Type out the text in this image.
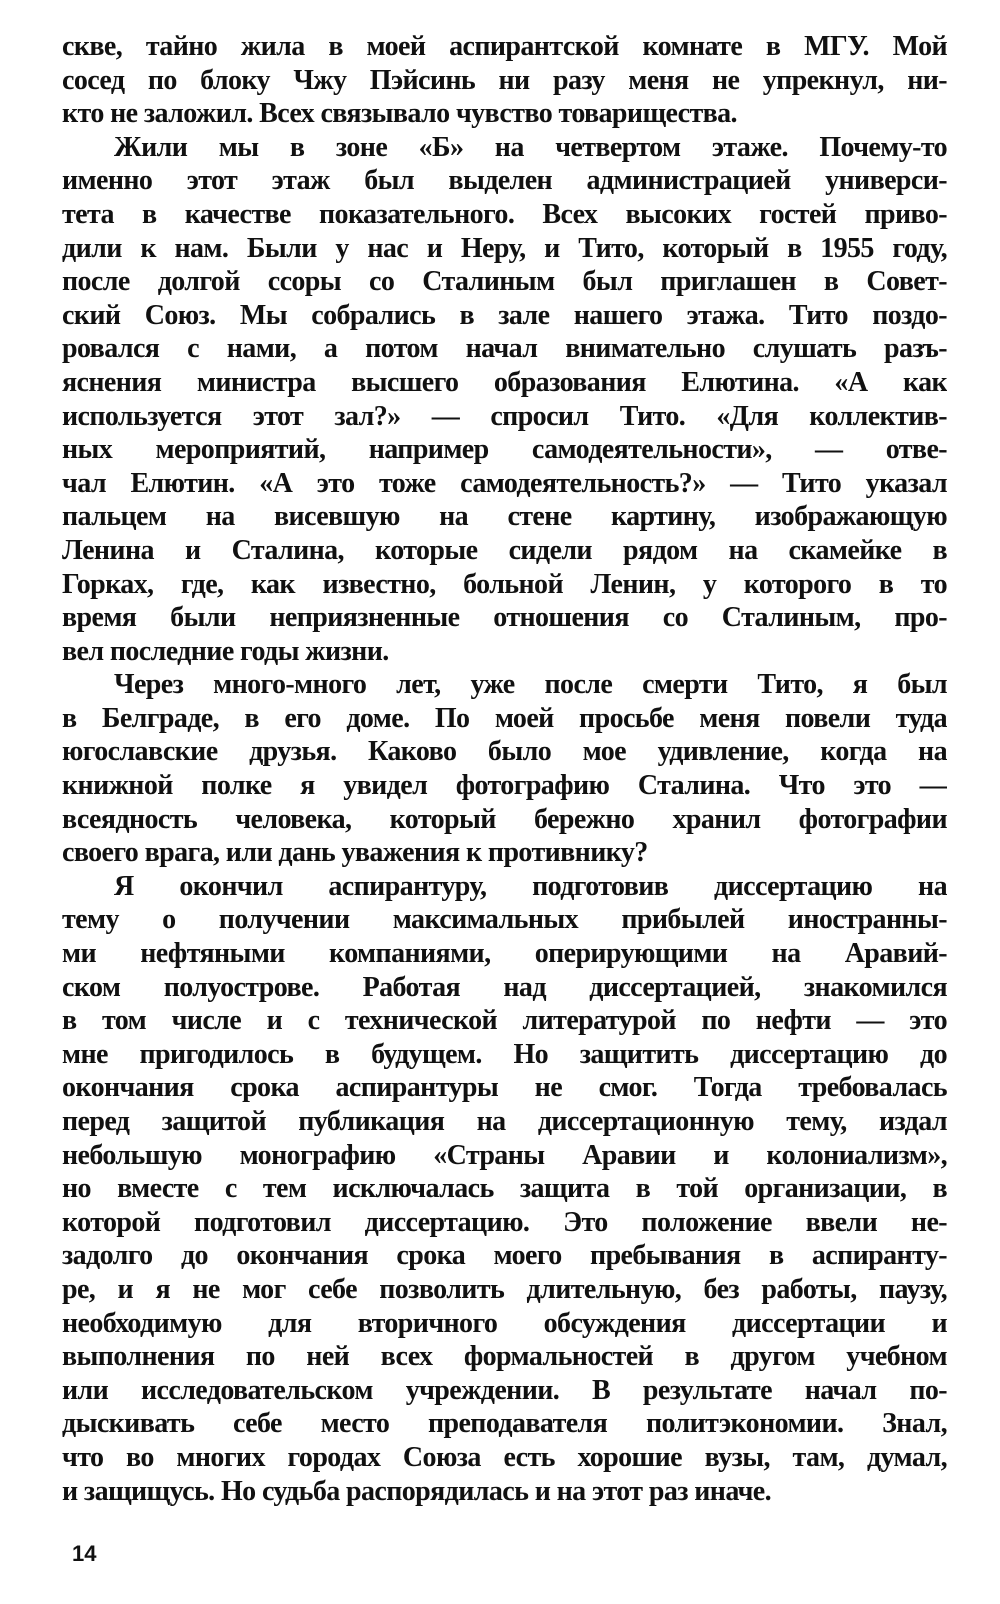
скве, тайно жила в моей аспирантской комнате в МГУ. Мой
сосед по блоку Чжу Пэйсинь ни разу меня не упрекнул, ни-
кто не заложил. Всех связывало чувство товарищества.
Жили мы в зоне «Б» на четвертом этаже. Почему-то
именно этот этаж был выделен администрацией универси-
тета в качестве показательного. Всех высоких гостей приво-
дили к нам. Были у нас и Неру, и Тито, который в 1955 году,
после долгой ссоры со Сталиным был приглашен в Совет-
ский Союз. Мы собрались в зале нашего этажа. Тито поздо-
ровался с нами, а потом начал внимательно слушать разъ-
яснения министра высшего образования Елютина. «А как
используется этот зал?» — спросил Тито. «Для коллектив-
ных мероприятий, например самодеятельности», — отве-
чал Елютин. «А это тоже самодеятельность?» — Тито указал
пальцем на висевшую на стене картину, изображающую
Ленина и Сталина, которые сидели рядом на скамейке в
Горках, где, как известно, больной Ленин, у которого в то
время были неприязненные отношения со Сталиным, про-
вел последние годы жизни.
Через много-много лет, уже после смерти Тито, я был
в Белграде, в его доме. По моей просьбе меня повели туда
югославские друзья. Каково было мое удивление, когда на
книжной полке я увидел фотографию Сталина. Что это —
всеядность человека, который бережно хранил фотографии
своего врага, или дань уважения к противнику?
Я окончил аспирантуру, подготовив диссертацию на
тему о получении максимальных прибылей иностранны-
ми нефтяными компаниями, оперирующими на Аравий-
ском полуострове. Работая над диссертацией, знакомился
в том числе и с технической литературой по нефти — это
мне пригодилось в будущем. Но защитить диссертацию до
окончания срока аспирантуры не смог. Тогда требовалась
перед защитой публикация на диссертационную тему, издал
небольшую монографию «Страны Аравии и колониализм»,
но вместе с тем исключалась защита в той организации, в
которой подготовил диссертацию. Это положение ввели не-
задолго до окончания срока моего пребывания в аспиранту-
ре, и я не мог себе позволить длительную, без работы, паузу,
необходимую для вторичного обсуждения диссертации и
выполнения по ней всех формальностей в другом учебном
или исследовательском учреждении. В результате начал по-
дыскивать себе место преподавателя политэкономии. Знал,
что во многих городах Союза есть хорошие вузы, там, думал,
и защищусь. Но судьба распорядилась и на этот раз иначе.
14
